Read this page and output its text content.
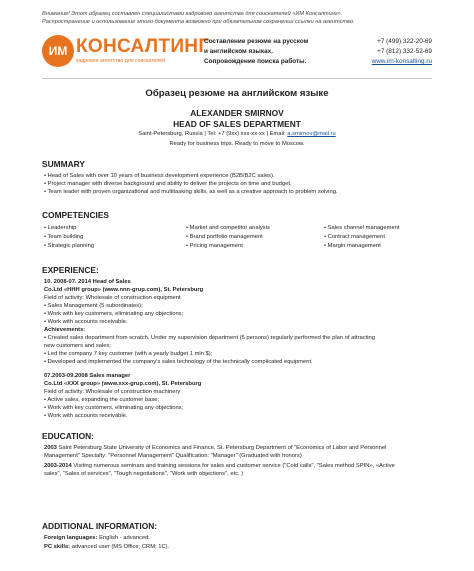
Внимание! Этот образец составлен специалистами кадрового агентства для соискателей «ИМ Консалтинг».
Распространение и использование этого документа возможно при обязательном сохранении ссылки на агентство.
ИМ КОНСАЛТИНГ
кадровое агентство для соискателей
Составление резюме на русском
и английском языках.
Сопровождение поиска работы.
+7 (499) 322-20-69
+7 (812) 332-52-69
www.im-konsalting.ru
Образец резюме на английском языке
ALEXANDER SMIRNOV
HEAD OF SALES DEPARTMENT
Saint-Petersburg, Russia | Tel: +7 (9xx) xxx-xx-xx | Email: a.smirnov@mail.ru
Ready for business trips. Ready to move to Moscow.
SUMMARY
• Head of Sales with over 10 years of business development experience (B2B/B2C sales).
• Project manager with diverse background and ability to deliver the projects on time and budget.
• Team leader with proven organizational and multitasking skills, as well as a creative approach to problem solving.
COMPETENCIES
• Leadership
• Team building
• Strategic planning
• Market and competitor analysis
• Brand portfolio management
• Pricing management
• Sales channel management
• Contract management
• Margin management
EXPERIENCE:
10. 2008-07. 2014 Head of Sales
Co.Ltd «HHH group» (www.nnn-grup.com), St. Petersburg
Field of activity: Wholesale of construction equipment
• Sales Management (5 subordinates);
• Work with key customers, eliminating any objections;
• Work with accounts receivable.
Achievements:
• Created sales department from scratch. Under my supervision department (5 persons) regularly performed the plan of attracting
new customers and sales;
• Led the company 7 key customer (with a yearly budget 1 mln $);
• Developed and implemented the company's sales technology of the technically complicated equipment.
07.2003-09.2008 Sales manager
Co.Ltd «XXX group» (www.xxx-grup.com), St. Petersburg
Field of activity: Wholesale of construction machinery
• Active sales, expanding the customer base;
• Work with key customers, eliminating any objections;
• Work with accounts receivable.
EDUCATION:
2003 Saint Petersburg State University of Economics and Finance, St. Petersburg Department of "Economics of Labor and Personnel
Management" Specialty: "Personnel Management" Qualification: "Manager" (Graduated with honors)
2003-2014 Visiting numerous seminars and training sessions for sales and customer service ("Cold calls", "Sales method SPIN», «Active
sales", "Sales of services", "Tough negotiations", "Work with objections", etc. )
ADDITIONAL INFORMATION:
Foreign languages: English - advanced.
PC skills: advanced user (MS Office; CRM; 1C).
